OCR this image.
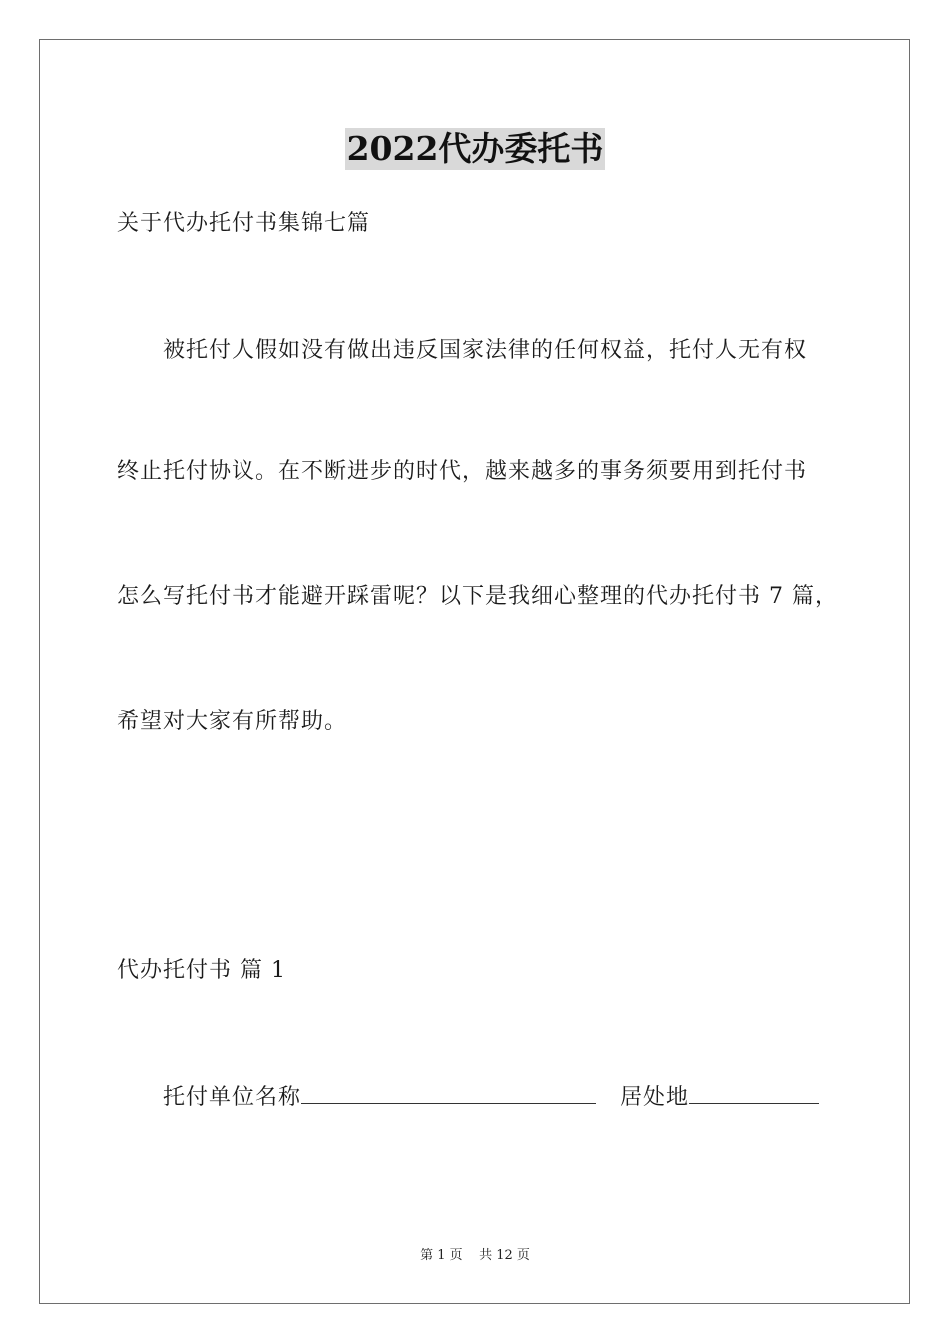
2022代办委托书
关于代办托付书集锦七篇
被托付人假如没有做出违反国家法律的任何权益，托付人无有权
终止托付协议。在不断进步的时代，越来越多的事务须要用到托付书
怎么写托付书才能避开踩雷呢？以下是我细心整理的代办托付书 7 篇，
希望对大家有所帮助。
代办托付书 篇 1
托付单位名称	居处地
第 1 页    共 12 页
